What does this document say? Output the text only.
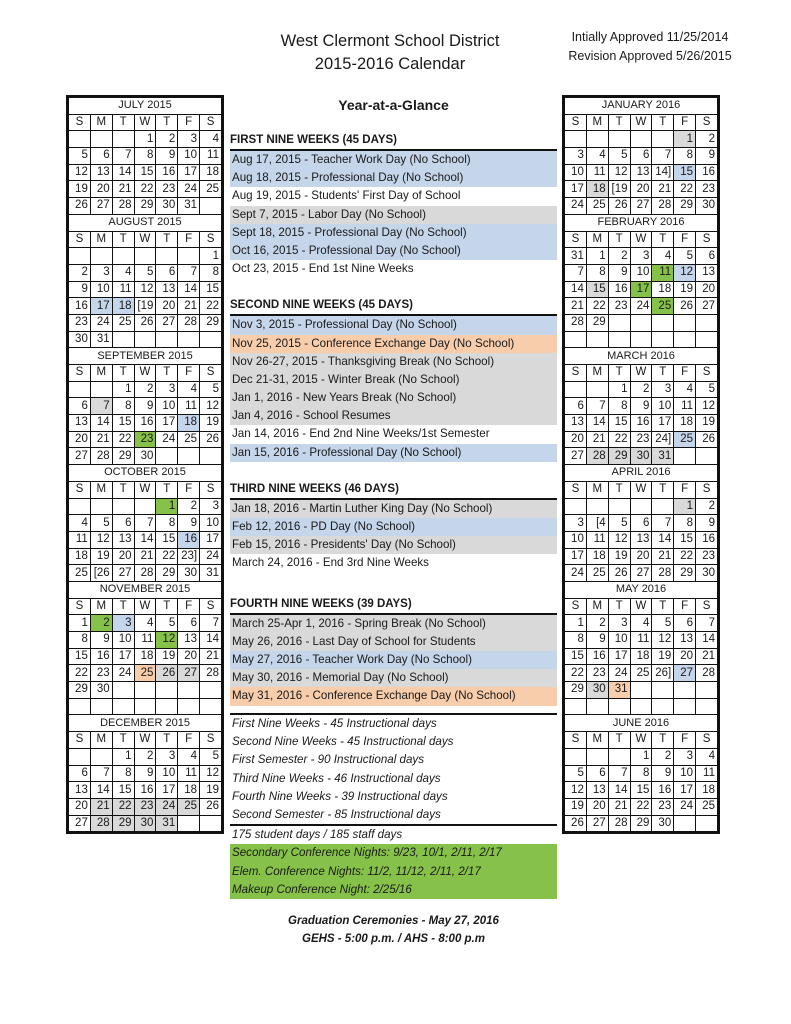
West Clermont School District
2015-2016 Calendar
Intially Approved 11/25/2014
Revision Approved 5/26/2015
JULY 2015						
S	M	T	W	T	F	S
			1	2	3	4
5	6	7	8	9	10	11
12	13	14	15	16	17	18
19	20	21	22	23	24	25
26	27	28	29	30	31	
AUGUST 2015						
S	M	T	W	T	F	S
						1
2	3	4	5	6	7	8
9	10	11	12	13	14	15
16	17	18	[19	20	21	22
23	24	25	26	27	28	29
30	31					
SEPTEMBER 2015						
S	M	T	W	T	F	S
		1	2	3	4	5
6	7	8	9	10	11	12
13	14	15	16	17	18	19
20	21	22	23	24	25	26
27	28	29	30			
OCTOBER 2015						
S	M	T	W	T	F	S
				1	2	3
4	5	6	7	8	9	10
11	12	13	14	15	16	17
18	19	20	21	22	23]	24
25	[26	27	28	29	30	31
NOVEMBER 2015						
S	M	T	W	T	F	S
1	2	3	4	5	6	7
8	9	10	11	12	13	14
15	16	17	18	19	20	21
22	23	24	25	26	27	28
29	30					

DECEMBER 2015						
S	M	T	W	T	F	S
		1	2	3	4	5
6	7	8	9	10	11	12
13	14	15	16	17	18	19
20	21	22	23	24	25	26
27	28	29	30	31		
JANUARY 2016						
S	M	T	W	T	F	S
					1	2
3	4	5	6	7	8	9
10	11	12	13	14]	15	16
17	18	[19	20	21	22	23
24	25	26	27	28	29	30
FEBRUARY 2016						
S	M	T	W	T	F	S
31	1	2	3	4	5	6
7	8	9	10	11	12	13
14	15	16	17	18	19	20
21	22	23	24	25	26	27
28	29					

MARCH 2016						
S	M	T	W	T	F	S
		1	2	3	4	5
6	7	8	9	10	11	12
13	14	15	16	17	18	19
20	21	22	23	24]	25	26
27	28	29	30	31		
APRIL 2016						
S	M	T	W	T	F	S
					1	2
3	[4	5	6	7	8	9
10	11	12	13	14	15	16
17	18	19	20	21	22	23
24	25	26	27	28	29	30
MAY 2016						
S	M	T	W	T	F	S
1	2	3	4	5	6	7
8	9	10	11	12	13	14
15	16	17	18	19	20	21
22	23	24	25	26]	27	28
29	30	31				

JUNE 2016						
S	M	T	W	T	F	S
			1	2	3	4
5	6	7	8	9	10	11
12	13	14	15	16	17	18
19	20	21	22	23	24	25
26	27	28	29	30		
Year-at-a-Glance
FIRST NINE WEEKS (45 DAYS)
Aug 17, 2015 - Teacher Work Day (No School)
Aug 18, 2015 - Professional Day (No School)
Aug 19, 2015 - Students' First Day of School
Sept 7, 2015 - Labor Day (No School)
Sept 18, 2015 - Professional Day (No School)
Oct 16, 2015 - Professional Day (No School)
Oct 23, 2015 - End 1st Nine Weeks
SECOND NINE WEEKS (45 DAYS)
Nov 3, 2015 - Professional Day (No School)
Nov 25, 2015 - Conference Exchange Day (No School)
Nov 26-27, 2015 - Thanksgiving Break (No School)
Dec 21-31, 2015 - Winter Break (No School)
Jan 1, 2016 - New Years Break (No School)
Jan 4, 2016 - School Resumes
Jan 14, 2016 - End 2nd Nine Weeks/1st Semester
Jan 15, 2016 - Professional Day (No School)
THIRD NINE WEEKS (46 DAYS)
Jan 18, 2016 - Martin Luther King Day (No School)
Feb 12, 2016 - PD Day (No School)
Feb 15, 2016 - Presidents' Day (No School)
March 24, 2016 - End 3rd Nine Weeks
FOURTH NINE WEEKS (39 DAYS)
March 25-Apr 1, 2016 - Spring Break (No School)
May 26, 2016 - Last Day of School for Students
May 27, 2016 - Teacher Work Day (No School)
May 30, 2016 - Memorial Day (No School)
May 31, 2016 - Conference Exchange Day (No School)
First Nine Weeks - 45 Instructional days
Second Nine Weeks - 45 Instructional days
First Semester - 90 Instructional days
Third Nine Weeks - 46 Instructional days
Fourth Nine Weeks - 39 Instructional days
Second Semester - 85 Instructional days
175 student days / 185 staff days
Secondary Conference Nights: 9/23, 10/1, 2/11, 2/17
Elem. Conference Nights: 11/2, 11/12, 2/11, 2/17
Makeup Conference Night: 2/25/16
Graduation Ceremonies - May 27, 2016
GEHS - 5:00 p.m. / AHS - 8:00 p.m
